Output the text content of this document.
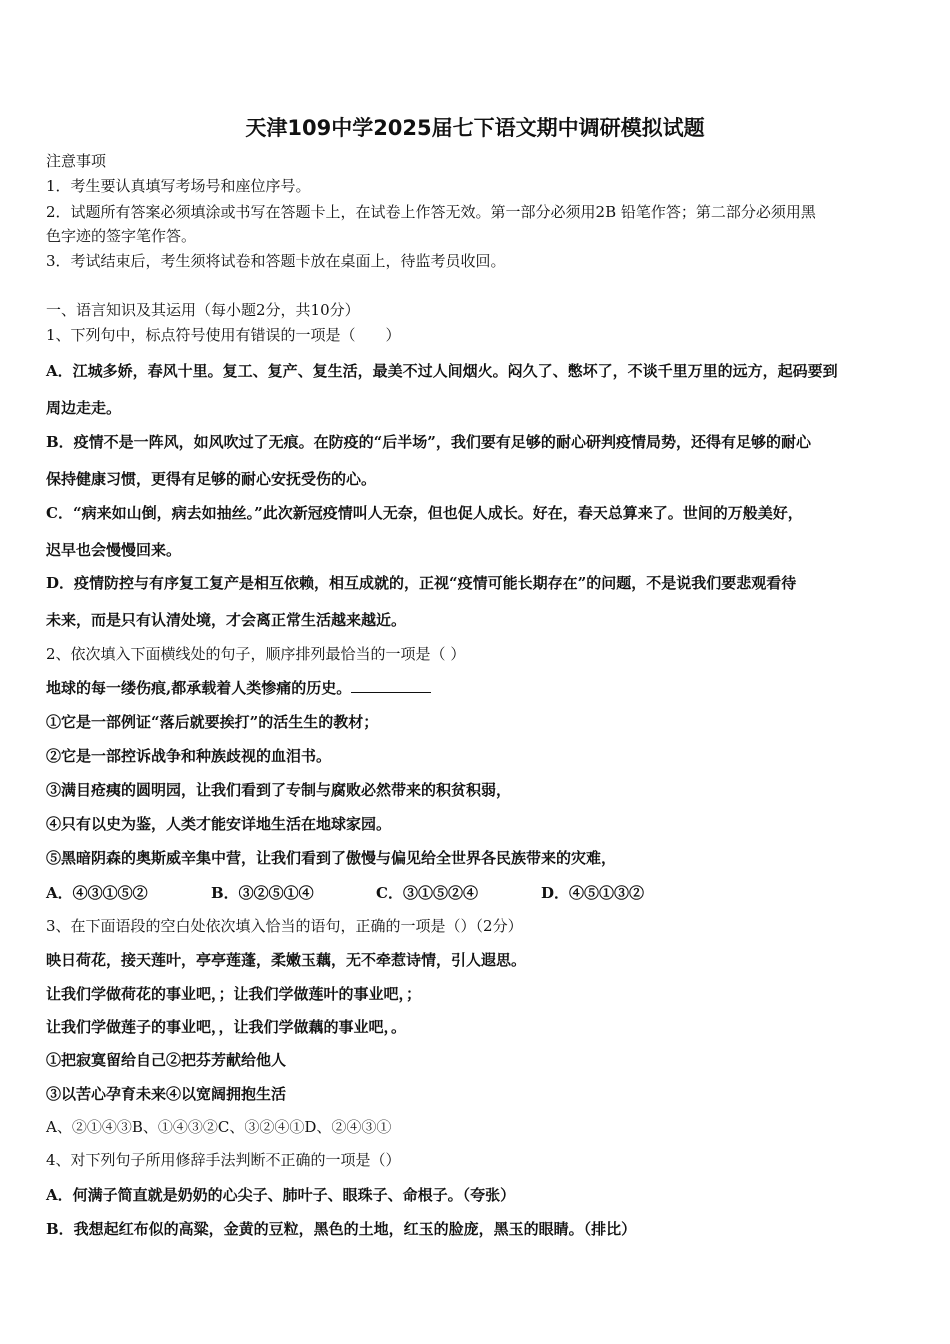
天津109中学2025届七下语文期中调研模拟试题
注意事项
1．考生要认真填写考场号和座位序号。
2．试题所有答案必须填涂或书写在答题卡上，在试卷上作答无效。第一部分必须用2B 铅笔作答；第二部分必须用黑
色字迹的签字笔作答。
3．考试结束后，考生须将试卷和答题卡放在桌面上，待监考员收回。
一、语言知识及其运用（每小题2分，共10分）
1、下列句中，标点符号使用有错误的一项是（　　）
A．江城多娇，春风十里。复工、复产、复生活，最美不过人间烟火。闷久了、憋坏了，不谈千里万里的远方，起码要到
周边走走。
B．疫情不是一阵风，如风吹过了无痕。在防疫的“后半场”，我们要有足够的耐心研判疫情局势，还得有足够的耐心
保持健康习惯，更得有足够的耐心安抚受伤的心。
C．“病来如山倒，病去如抽丝。”此次新冠疫情叫人无奈，但也促人成长。好在，春天总算来了。世间的万般美好，
迟早也会慢慢回来。
D．疫情防控与有序复工复产是相互依赖，相互成就的，正视“疫情可能长期存在”的问题，不是说我们要悲观看待
未来，而是只有认清处境，才会离正常生活越来越近。
2、依次填入下面横线处的句子，顺序排列最恰当的一项是（ ）
地球的每一缕伤痕,都承载着人类惨痛的历史。
①它是一部例证“落后就要挨打”的活生生的教材；
②它是一部控诉战争和种族歧视的血泪书。
③满目疮痍的圆明园，让我们看到了专制与腐败必然带来的积贫积弱，
④只有以史为鉴，人类才能安详地生活在地球家园。
⑤黑暗阴森的奥斯威辛集中营，让我们看到了傲慢与偏见给全世界各民族带来的灾难，
A．④③①⑤②	B．③②⑤①④	C．③①⑤②④	D．④⑤①③②
3、在下面语段的空白处依次填入恰当的语句，正确的一项是（）（2分）
映日荷花，接天莲叶，亭亭莲蓬，柔嫩玉藕，无不牵惹诗情，引人遐思。
让我们学做荷花的事业吧，；让我们学做莲叶的事业吧，；
让我们学做莲子的事业吧，，让我们学做藕的事业吧，。
①把寂寞留给自己②把芬芳献给他人
③以苦心孕育未来④以宽阔拥抱生活
A、②①④③B、①④③②C、③②④①D、②④③①
4、对下列句子所用修辞手法判断不正确的一项是（）
A．何满子简直就是奶奶的心尖子、肺叶子、眼珠子、命根子。（夸张）
B．我想起红布似的高粱，金黄的豆粒，黑色的土地，红玉的脸庞，黑玉的眼睛。（排比）
